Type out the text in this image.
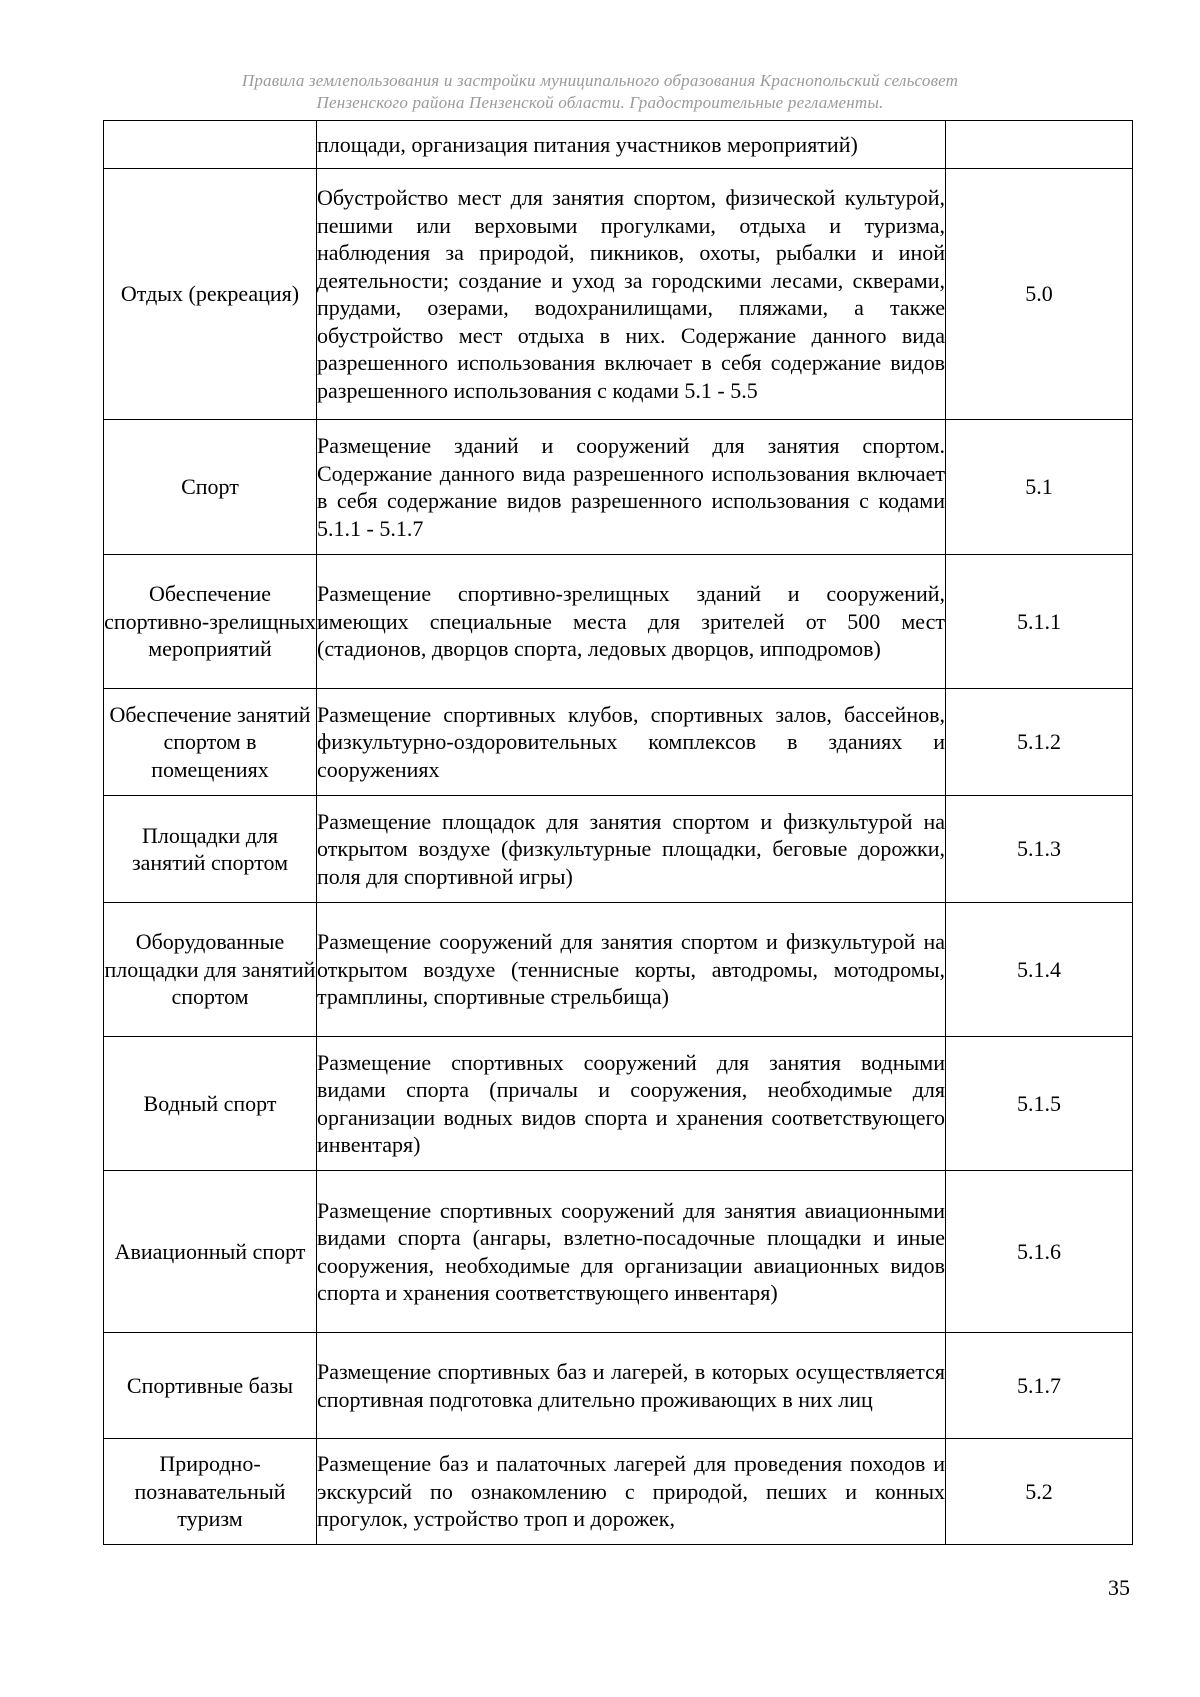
Правила землепользования и застройки муниципального образования Краснопольский сельсовет
Пензенского района Пензенской области. Градостроительные регламенты.

	площади, организация питания участников мероприятий)	

Отдых (рекреация)	Обустройство мест для занятия спортом, физической культурой, пешими или верховыми прогулками, отдыха и туризма, наблюдения за природой, пикников, охоты, рыбалки и иной деятельности; создание и уход за городскими лесами, скверами, прудами, озерами, водохранилищами, пляжами, а также обустройство мест отдыха в них. Содержание данного вида разрешенного использования включает в себя содержание видов разрешенного использования с кодами 5.1 - 5.5	5.0
Спорт	Размещение зданий и сооружений для занятия спортом. Содержание данного вида разрешенного использования включает в себя содержание видов разрешенного использования с кодами 5.1.1 - 5.1.7	5.1
Обеспечение спортивно-зрелищных мероприятий	Размещение спортивно-зрелищных зданий и сооружений, имеющих специальные места для зрителей от 500 мест (стадионов, дворцов спорта, ледовых дворцов, ипподромов)	5.1.1
Обеспечение занятий спортом в помещениях	Размещение спортивных клубов, спортивных залов, бассейнов, физкультурно-оздоровительных комплексов в зданиях и сооружениях	5.1.2
Площадки для занятий спортом	Размещение площадок для занятия спортом и физкультурой на открытом воздухе (физкультурные площадки, беговые дорожки, поля для спортивной игры)	5.1.3
Оборудованные площадки для занятий спортом	Размещение сооружений для занятия спортом и физкультурой на открытом воздухе (теннисные корты, автодромы, мотодромы, трамплины, спортивные стрельбища)	5.1.4
Водный спорт	Размещение спортивных сооружений для занятия водными видами спорта (причалы и сооружения, необходимые для организации водных видов спорта и хранения соответствующего инвентаря)	5.1.5
Авиационный спорт	Размещение спортивных сооружений для занятия авиационными видами спорта (ангары, взлетно-посадочные площадки и иные сооружения, необходимые для организации авиационных видов спорта и хранения соответствующего инвентаря)	5.1.6
Спортивные базы	Размещение спортивных баз и лагерей, в которых осуществляется спортивная подготовка длительно проживающих в них лиц	5.1.7
Природно-познавательный туризм	Размещение баз и палаточных лагерей для проведения походов и экскурсий по ознакомлению с природой, пеших и конных прогулок, устройство троп и дорожек,	5.2
35
